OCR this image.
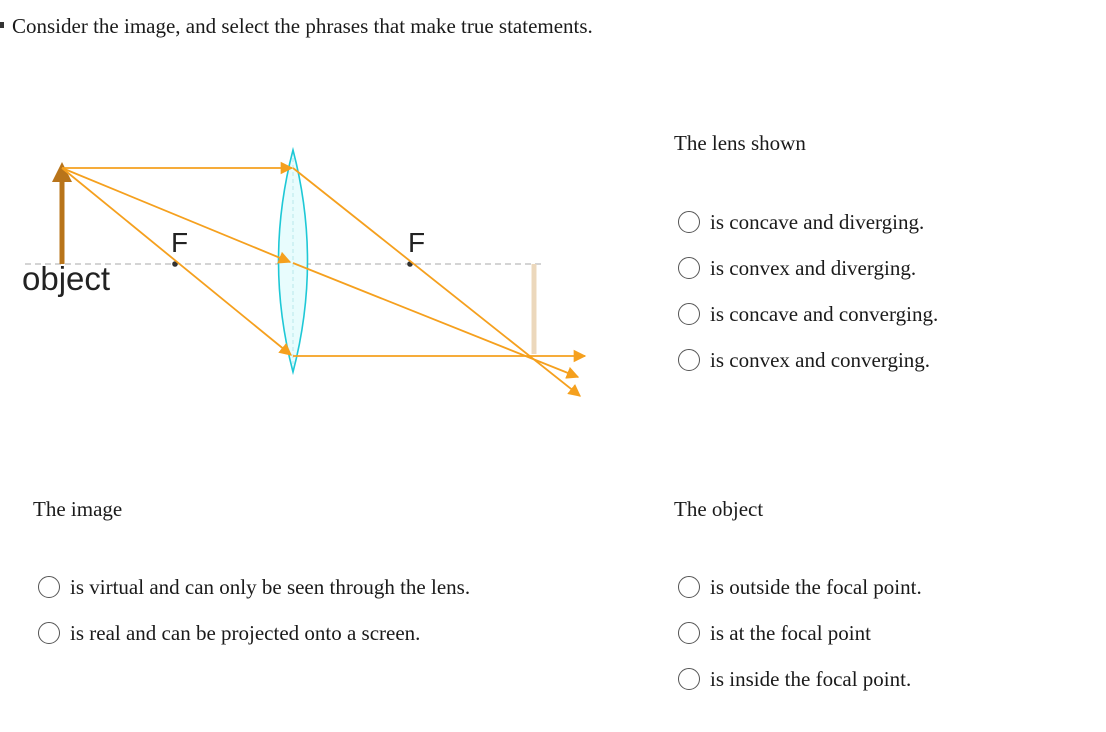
Consider the image, and select the phrases that make true statements.
F	F
object
The lens shown
is concave and diverging.
is convex and diverging.
is concave and converging.
is convex and converging.
The image
is virtual and can only be seen through the lens.
is real and can be projected onto a screen.
The object
is outside the focal point.
is at the focal point
is inside the focal point.
